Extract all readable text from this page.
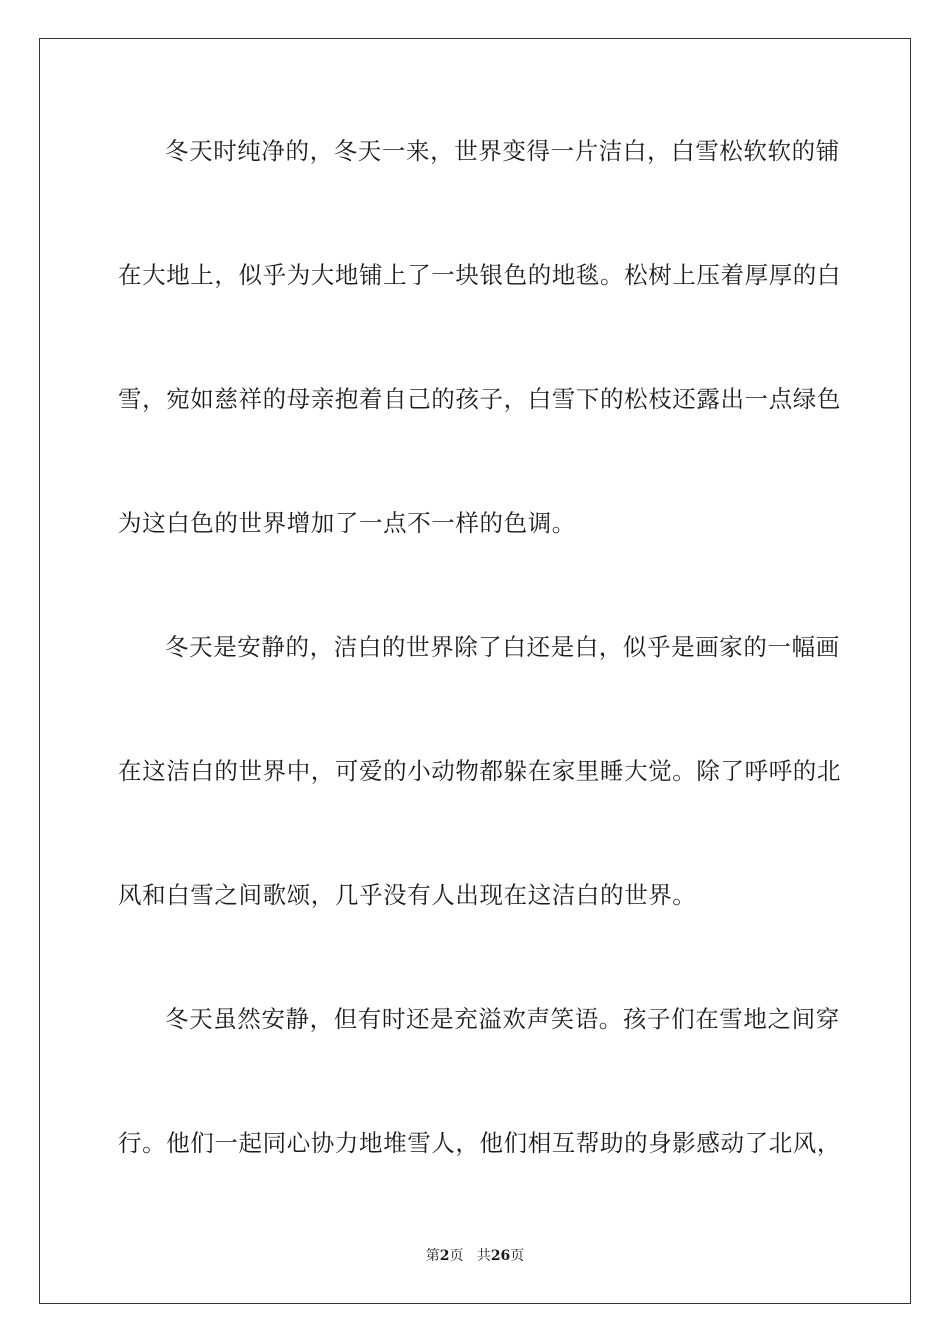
冬天时纯净的，冬天一来，世界变得一片洁白，白雪松软软的铺
在大地上，似乎为大地铺上了一块银色的地毯。松树上压着厚厚的白
雪，宛如慈祥的母亲抱着自己的孩子，白雪下的松枝还露出一点绿色
为这白色的世界增加了一点不一样的色调。
冬天是安静的，洁白的世界除了白还是白，似乎是画家的一幅画
在这洁白的世界中，可爱的小动物都躲在家里睡大觉。除了呼呼的北
风和白雪之间歌颂，几乎没有人出现在这洁白的世界。
冬天虽然安静，但有时还是充溢欢声笑语。孩子们在雪地之间穿
行。他们一起同心协力地堆雪人，他们相互帮助的身影感动了北风，
第2页 共26页
